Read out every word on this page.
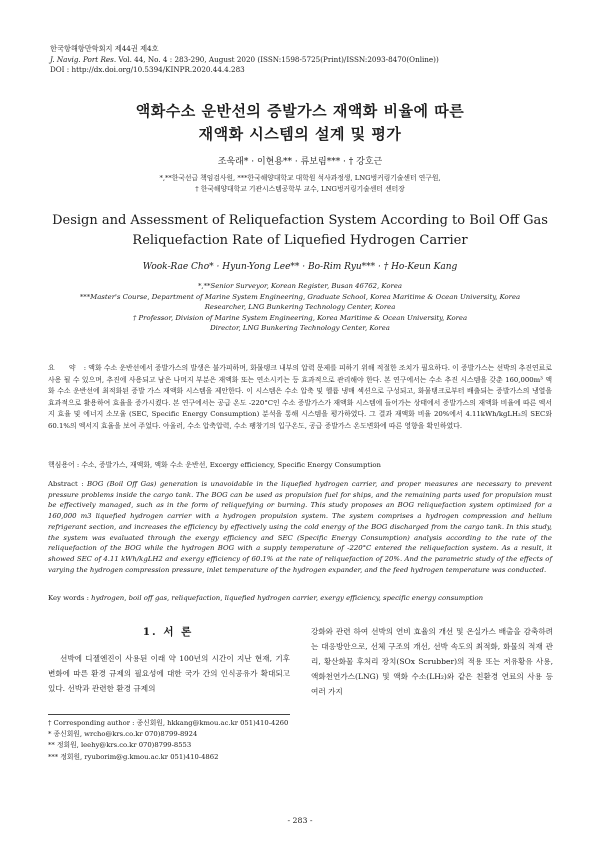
한국항해항만학회지 제44권 제4호
J. Navig. Port Res. Vol. 44, No. 4 : 283-290, August 2020 (ISSN:1598-5725(Print)/ISSN:2093-8470(Online))
DOI : http://dx.doi.org/10.5394/KINPR.2020.44.4.283
액화수소 운반선의 증발가스 재액화 비율에 따른
재액화 시스템의 설계 및 평가
조욱래* · 이현용** · 류보림*** · † 강호근
*,**한국선급 책임검사원, ***한국해양대학교 대학원 석사과정생, LNG벙커링기술센터 연구원,
† 한국해양대학교 기관시스템공학부 교수, LNG벙커링기술센터 센터장
Design and Assessment of Reliquefaction System According to Boil Off Gas
Reliquefaction Rate of Liquefied Hydrogen Carrier
Wook-Rae Cho* · Hyun-Yong Lee** · Bo-Rim Ryu*** · † Ho-Keun Kang
*,**Senior Surveyor, Korean Register, Busan 46762, Korea
***Master's Course, Department of Marine System Engineering, Graduate School, Korea Maritime & Ocean University, Korea
Researcher, LNG Bunkering Technology Center, Korea
† Professor, Division of Marine System Engineering, Korea Maritime & Ocean University, Korea
Director, LNG Bunkering Technology Center, Korea
요 약 : 액화 수소 운반선에서 증발가스의 발생은 불가피하며, 화물탱크 내부의 압력 문제를 피하기 위해 적절한 조치가 필요하다. 이 증발가스는 선박의 추진연료로 사용 될 수 있으며, 추진에 사용되고 남은 나머지 부분은 재액화 또는 연소시키는 등 효과적으로 관리해야 한다. 본 연구에서는 수소 추진 시스템을 갖춘 160,000m³ 액화 수소 운반선에 최적화된 증발 가스 재액화 시스템을 제안한다. 이 시스템은 수소 압축 및 헬륨 냉매 섹션으로 구성되고, 화물탱크로부터 배출되는 증발가스의 냉열을 효과적으로 활용하여 효율을 증가시켰다. 본 연구에서는 공급 온도 -220°C인 수소 증발가스가 재액화 시스템에 들어가는 상태에서 증발가스의 재액화 비율에 따른 엑서지 효율 및 에너지 소모율 (SEC, Specific Energy Consumption) 분석을 통해 시스템을 평가하였다. 그 결과 재액화 비율 20%에서 4.11kWh/kgLH₂의 SEC와 60.1%의 엑서지 효율을 보여 주었다. 아울러, 수소 압축압력, 수소 팽창기의 입구온도, 공급 증발가스 온도변화에 따른 영향을 확인하였다.
핵심용어 : 수소, 증발가스, 재액화, 액화 수소 운반선, Excergy efficiency, Specific Energy Consumption
Abstract : BOG (Boil Off Gas) generation is unavoidable in the liquefied hydrogen carrier, and proper measures are necessary to prevent pressure problems inside the cargo tank. The BOG can be used as propulsion fuel for ships, and the remaining parts used for propulsion must be effectively managed, such as in the form of reliquefying or burning. This study proposes an BOG reliquefaction system optimized for a 160,000 m3 liquefied hydrogen carrier with a hydrogen propulsion system. The system comprises a hydrogen compression and helium refrigerant section, and increases the efficiency by effectively using the cold energy of the BOG discharged from the cargo tank. In this study, the system was evaluated through the exergy efficiency and SEC (Specific Energy Consumption) analysis according to the rate of the reliquefaction of the BOG while the hydrogen BOG with a supply temperature of -220°C entered the reliquefaction system. As a result, it showed SEC of 4.11 kWh/kgLH2 and exergy efficiency of 60.1% at the rate of reliquefaction of 20%. And the parametric study of the effects of varying the hydrogen compression pressure, inlet temperature of the hydrogen expander, and the feed hydrogen temperature was conducted.
Key words : hydrogen, boil off gas, reliquefaction, liquefied hydrogen carrier, exergy efficiency, specific energy consumption
1. 서 론
선박에 디젤엔진이 사용된 이래 약 100년의 시간이 지난 현재, 기후 변화에 따른 환경 규제의 필요성에 대한 국가 간의 인식공유가 확대되고 있다. 선박과 관련한 환경 규제의
강화와 관련 하여 선박의 연비 효율의 개선 및 온실가스 배출을 감축하려는 대응방안으로, 선체 구조의 개선, 선박 속도의 최적화, 화물의 적재 관리, 황산화물 후처리 장치(SOx Scrubber)의 적용 또는 저유황유 사용, 액화천연가스(LNG) 및 액화 수소(LH₂)와 같은 친환경 연료의 사용 등 여러 가지
† Corresponding author : 종신회원, hkkang@kmou.ac.kr 051)410-4260
* 종신회원, wrcho@krs.co.kr 070)8799-8924
** 정회원, leehy@krs.co.kr 070)8799-8553
*** 정회원, ryuborim@g.kmou.ac.kr 051)410-4862
- 283 -
